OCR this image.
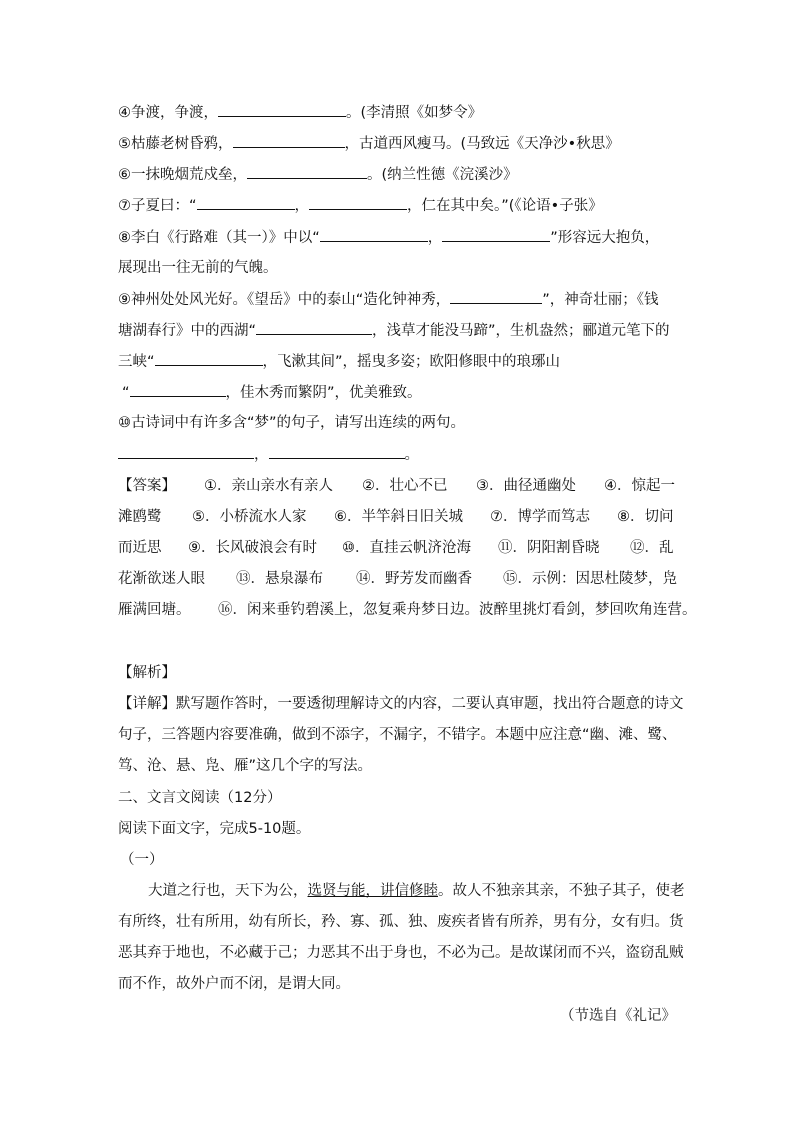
④争渡，争渡，	。(李清照《如梦令》
⑤枯藤老树昏鸦，	，古道西风瘦马。(马致远《天净沙•秋思》
⑥一抹晚烟荒戍垒，	。(纳兰性德《浣溪沙》
⑦子夏曰：“	，	，仁在其中矣。”(《论语•子张》
⑧李白《行路难（其一）》中以“	，	”形容远大抱负，
展现出一往无前的气魄。
⑨神州处处风光好。《望岳》中的泰山“造化钟神秀，	”，神奇壮丽；《钱
塘湖春行》中的西湖“	，浅草才能没马蹄”，生机盎然；郦道元笔下的
三峡“	，飞漱其间”，摇曳多姿；欧阳修眼中的琅琊山
“	，佳木秀而繁阴”，优美雅致。
⑩古诗词中有许多含“梦”的句子，请写出连续的两句。
，	。
【答案】 ①．亲山亲水有亲人 ②．壮心不已 ③．曲径通幽处 ④．惊起一
滩鸥鹭 ⑤．小桥流水人家 ⑥．半竿斜日旧关城 ⑦．博学而笃志 ⑧．切问
而近思 ⑨．长风破浪会有时 ⑩．直挂云帆济沧海 ⑪．阴阳割昏晓 ⑫．乱
花渐欲迷人眼 ⑬．悬泉瀑布 ⑭．野芳发而幽香 ⑮．示例：因思杜陵梦，凫
雁满回塘。 ⑯．闲来垂钓碧溪上，忽复乘舟梦日边。波醉里挑灯看剑，梦回吹角连营。
【解析】
【详解】默写题作答时，一要透彻理解诗文的内容，二要认真审题，找出符合题意的诗文
句子，三答题内容要准确，做到不添字，不漏字，不错字。本题中应注意“幽、滩、鹭、
笃、沧、悬、凫、雁”这几个字的写法。
二、文言文阅读（12分）
阅读下面文字，完成5-10题。
（一）
大道之行也，天下为公，选贤与能，讲信修睦。故人不独亲其亲，不独子其子，使老
有所终，壮有所用，幼有所长，矜、寡、孤、独、废疾者皆有所养，男有分，女有归。货
恶其弃于地也，不必藏于己；力恶其不出于身也，不必为己。是故谋闭而不兴，盗窃乱贼
而不作，故外户而不闭，是谓大同。
（节选自《礼记》
